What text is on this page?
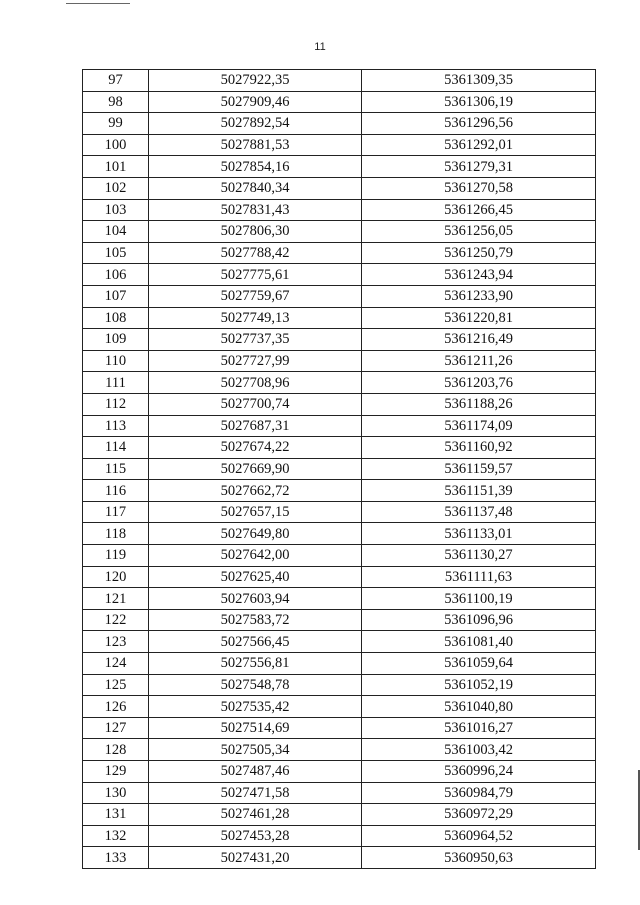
11
97	5027922,35	5361309,35
98	5027909,46	5361306,19
99	5027892,54	5361296,56
100	5027881,53	5361292,01
101	5027854,16	5361279,31
102	5027840,34	5361270,58
103	5027831,43	5361266,45
104	5027806,30	5361256,05
105	5027788,42	5361250,79
106	5027775,61	5361243,94
107	5027759,67	5361233,90
108	5027749,13	5361220,81
109	5027737,35	5361216,49
110	5027727,99	5361211,26
111	5027708,96	5361203,76
112	5027700,74	5361188,26
113	5027687,31	5361174,09
114	5027674,22	5361160,92
115	5027669,90	5361159,57
116	5027662,72	5361151,39
117	5027657,15	5361137,48
118	5027649,80	5361133,01
119	5027642,00	5361130,27
120	5027625,40	5361111,63
121	5027603,94	5361100,19
122	5027583,72	5361096,96
123	5027566,45	5361081,40
124	5027556,81	5361059,64
125	5027548,78	5361052,19
126	5027535,42	5361040,80
127	5027514,69	5361016,27
128	5027505,34	5361003,42
129	5027487,46	5360996,24
130	5027471,58	5360984,79
131	5027461,28	5360972,29
132	5027453,28	5360964,52
133	5027431,20	5360950,63
